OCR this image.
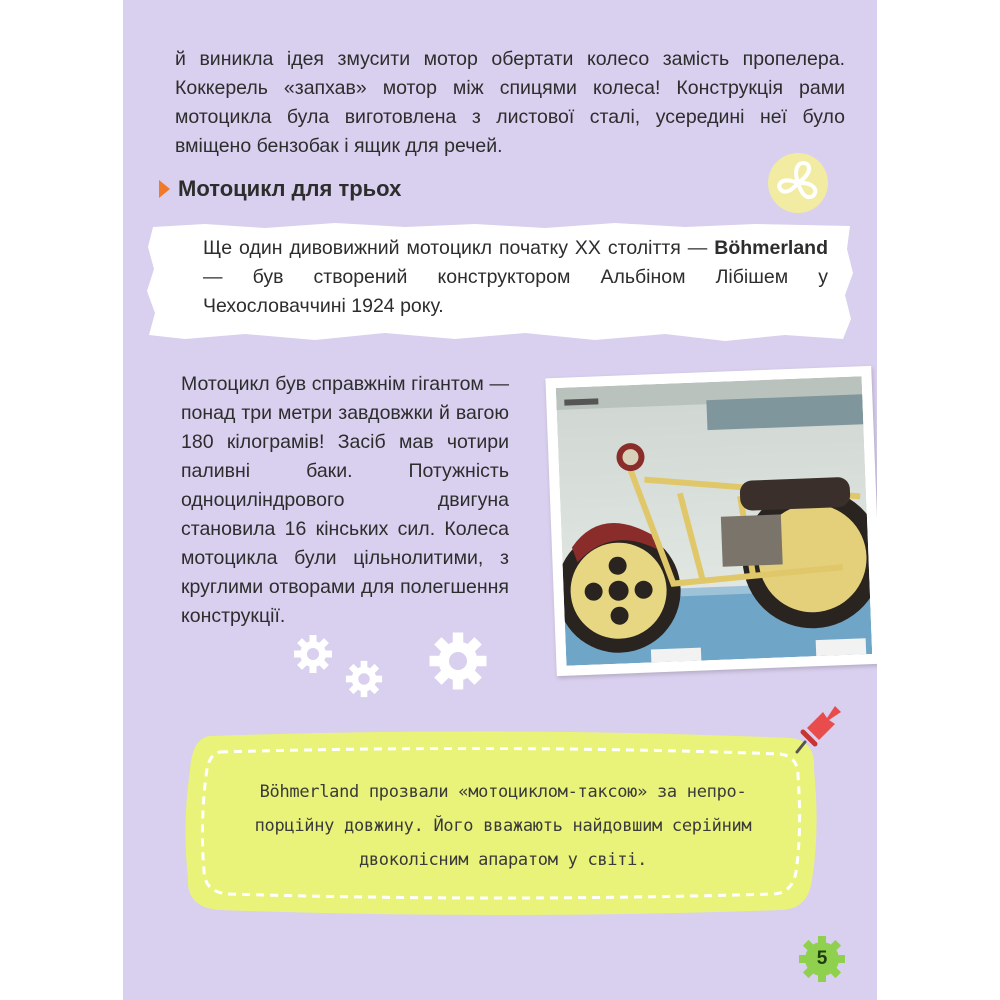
й виникла ідея змусити мотор обертати колесо замість пропелера. Коккерель «запхав» мотор між спицями колеса! Конструкція рами мотоцикла була виготовлена з листової сталі, усередині неї було вміщено бензобак і ящик для речей.

Мотоцикл для трьох

Ще один дивовижний мотоцикл початку XX століття — Böhmerland — був створений конструктором Альбіном Лібішем у Чехословаччині 1924 року.

Мотоцикл був справжнім гігантом — понад три метри завдовжки й вагою 180 кілограмів! Засіб мав чотири паливні баки. Потужність одноциліндрового двигуна становила 16 кінських сил. Колеса мотоцикла були цільнолитими, з круглими отворами для полегшення конструкції.

Böhmerland прозвали «мотоциклом-таксою» за непро-
порційну довжину. Його вважають найдовшим серійним
двоколісним апаратом у світі.
5
